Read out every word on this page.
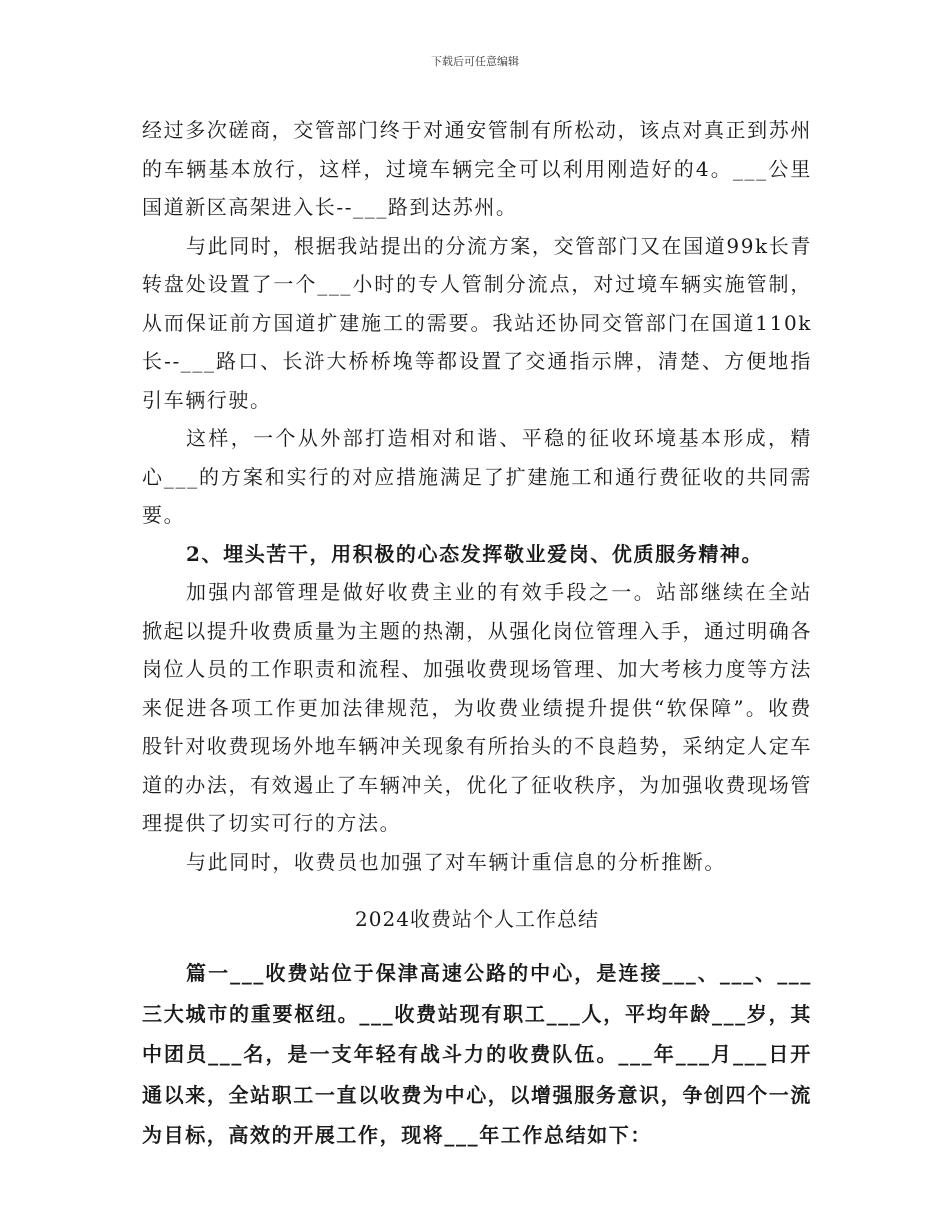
下载后可任意编辑

经过多次磋商，交管部门终于对通安管制有所松动，该点对真正到苏州的车辆基本放行，这样，过境车辆完全可以利用刚造好的4。___公里国道新区高架进入长--___路到达苏州。

与此同时，根据我站提出的分流方案，交管部门又在国道99k长青转盘处设置了一个___小时的专人管制分流点，对过境车辆实施管制，从而保证前方国道扩建施工的需要。我站还协同交管部门在国道110k长--___路口、长浒大桥桥堍等都设置了交通指示牌，清楚、方便地指引车辆行驶。

这样，一个从外部打造相对和谐、平稳的征收环境基本形成，精心___的方案和实行的对应措施满足了扩建施工和通行费征收的共同需要。

2、埋头苦干，用积极的心态发挥敬业爱岗、优质服务精神。

加强内部管理是做好收费主业的有效手段之一。站部继续在全站掀起以提升收费质量为主题的热潮，从强化岗位管理入手，通过明确各岗位人员的工作职责和流程、加强收费现场管理、加大考核力度等方法来促进各项工作更加法律规范，为收费业绩提升提供“软保障”。收费股针对收费现场外地车辆冲关现象有所抬头的不良趋势，采纳定人定车道的办法，有效遏止了车辆冲关，优化了征收秩序，为加强收费现场管理提供了切实可行的方法。

与此同时，收费员也加强了对车辆计重信息的分析推断。

2024收费站个人工作总结

篇一___收费站位于保津高速公路的中心，是连接___、___、___三大城市的重要枢纽。___收费站现有职工___人，平均年龄___岁，其中团员___名，是一支年轻有战斗力的收费队伍。___年___月___日开通以来，全站职工一直以收费为中心，以增强服务意识，争创四个一流为目标，高效的开展工作，现将___年工作总结如下：
